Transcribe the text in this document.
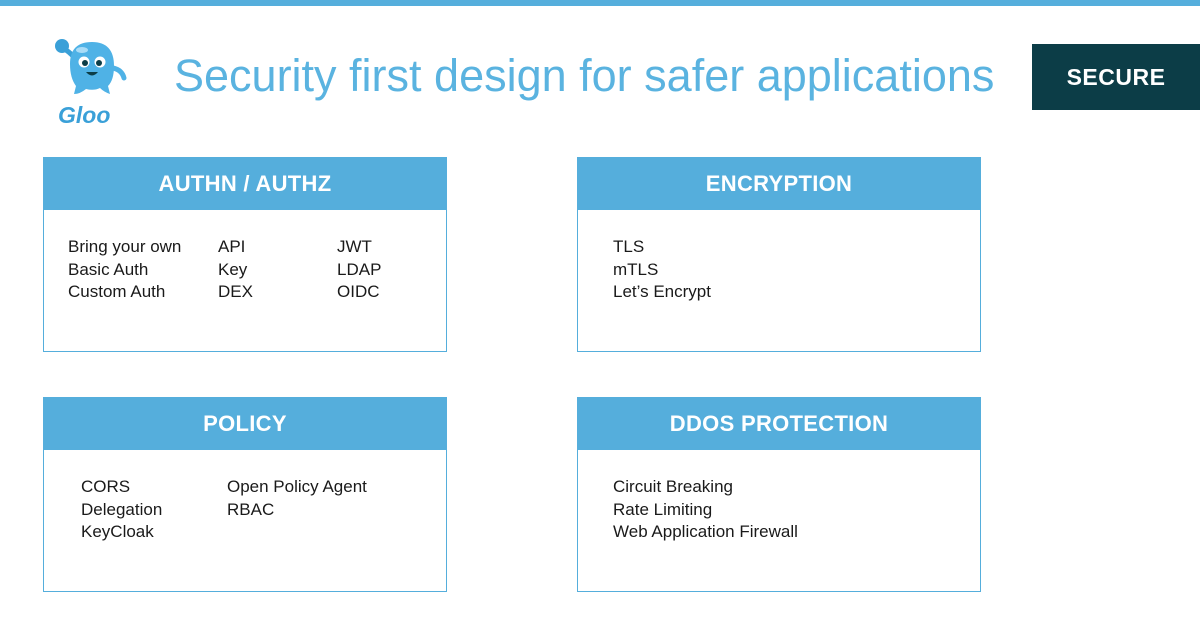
Gloo
Security first design for safer applications	SECURE
AUTHN / AUTHZ
Bring your own
Basic Auth
Custom Auth
API
Key
DEX
JWT
LDAP
OIDC
ENCRYPTION
TLS
mTLS
Let’s Encrypt
POLICY
CORS
Delegation
KeyCloak
Open Policy Agent
RBAC
DDOS PROTECTION
Circuit Breaking
Rate Limiting
Web Application Firewall
